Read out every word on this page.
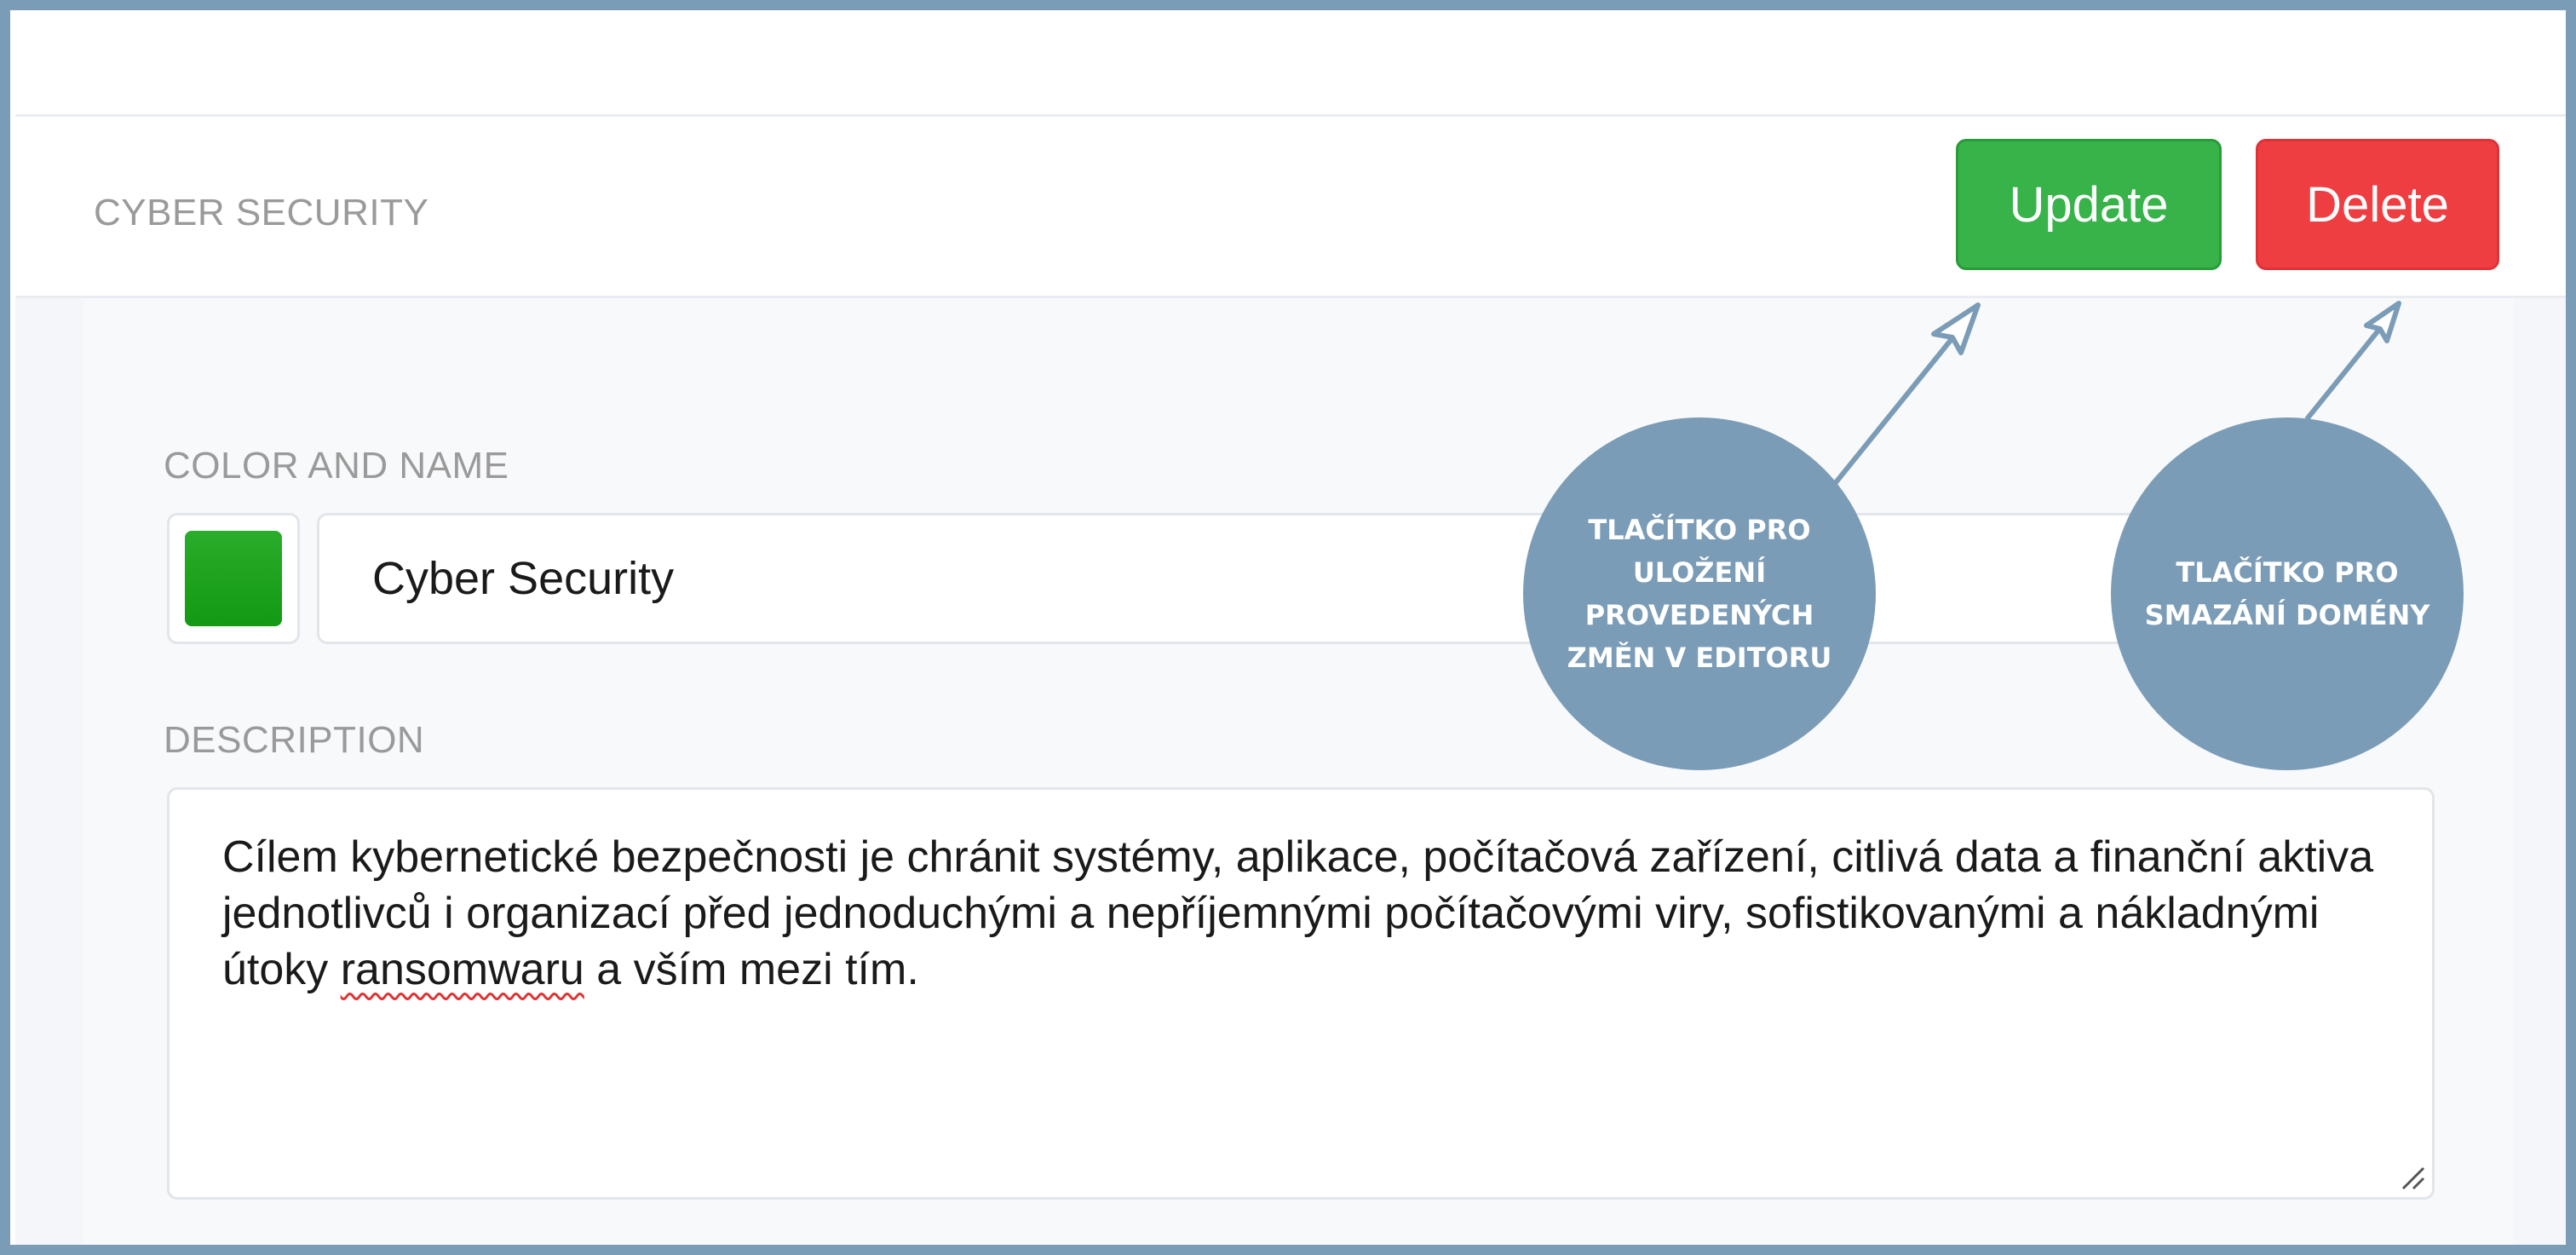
CYBER SECURITY	Update	Delete
COLOR AND NAME
Cyber Security
DESCRIPTION
Cílem kybernetické bezpečnosti je chránit systémy, aplikace, počítačová zařízení, citlivá data a finanční aktiva jednotlivců i organizací před jednoduchými a nepříjemnými počítačovými viry, sofistikovanými a nákladnými útoky ransomwaru a vším mezi tím.
TLAČÍTKO PRO ULOŽENÍ PROVEDENÝCH ZMĚN V EDITORU
TLAČÍTKO PRO SMAZÁNÍ DOMÉNY
